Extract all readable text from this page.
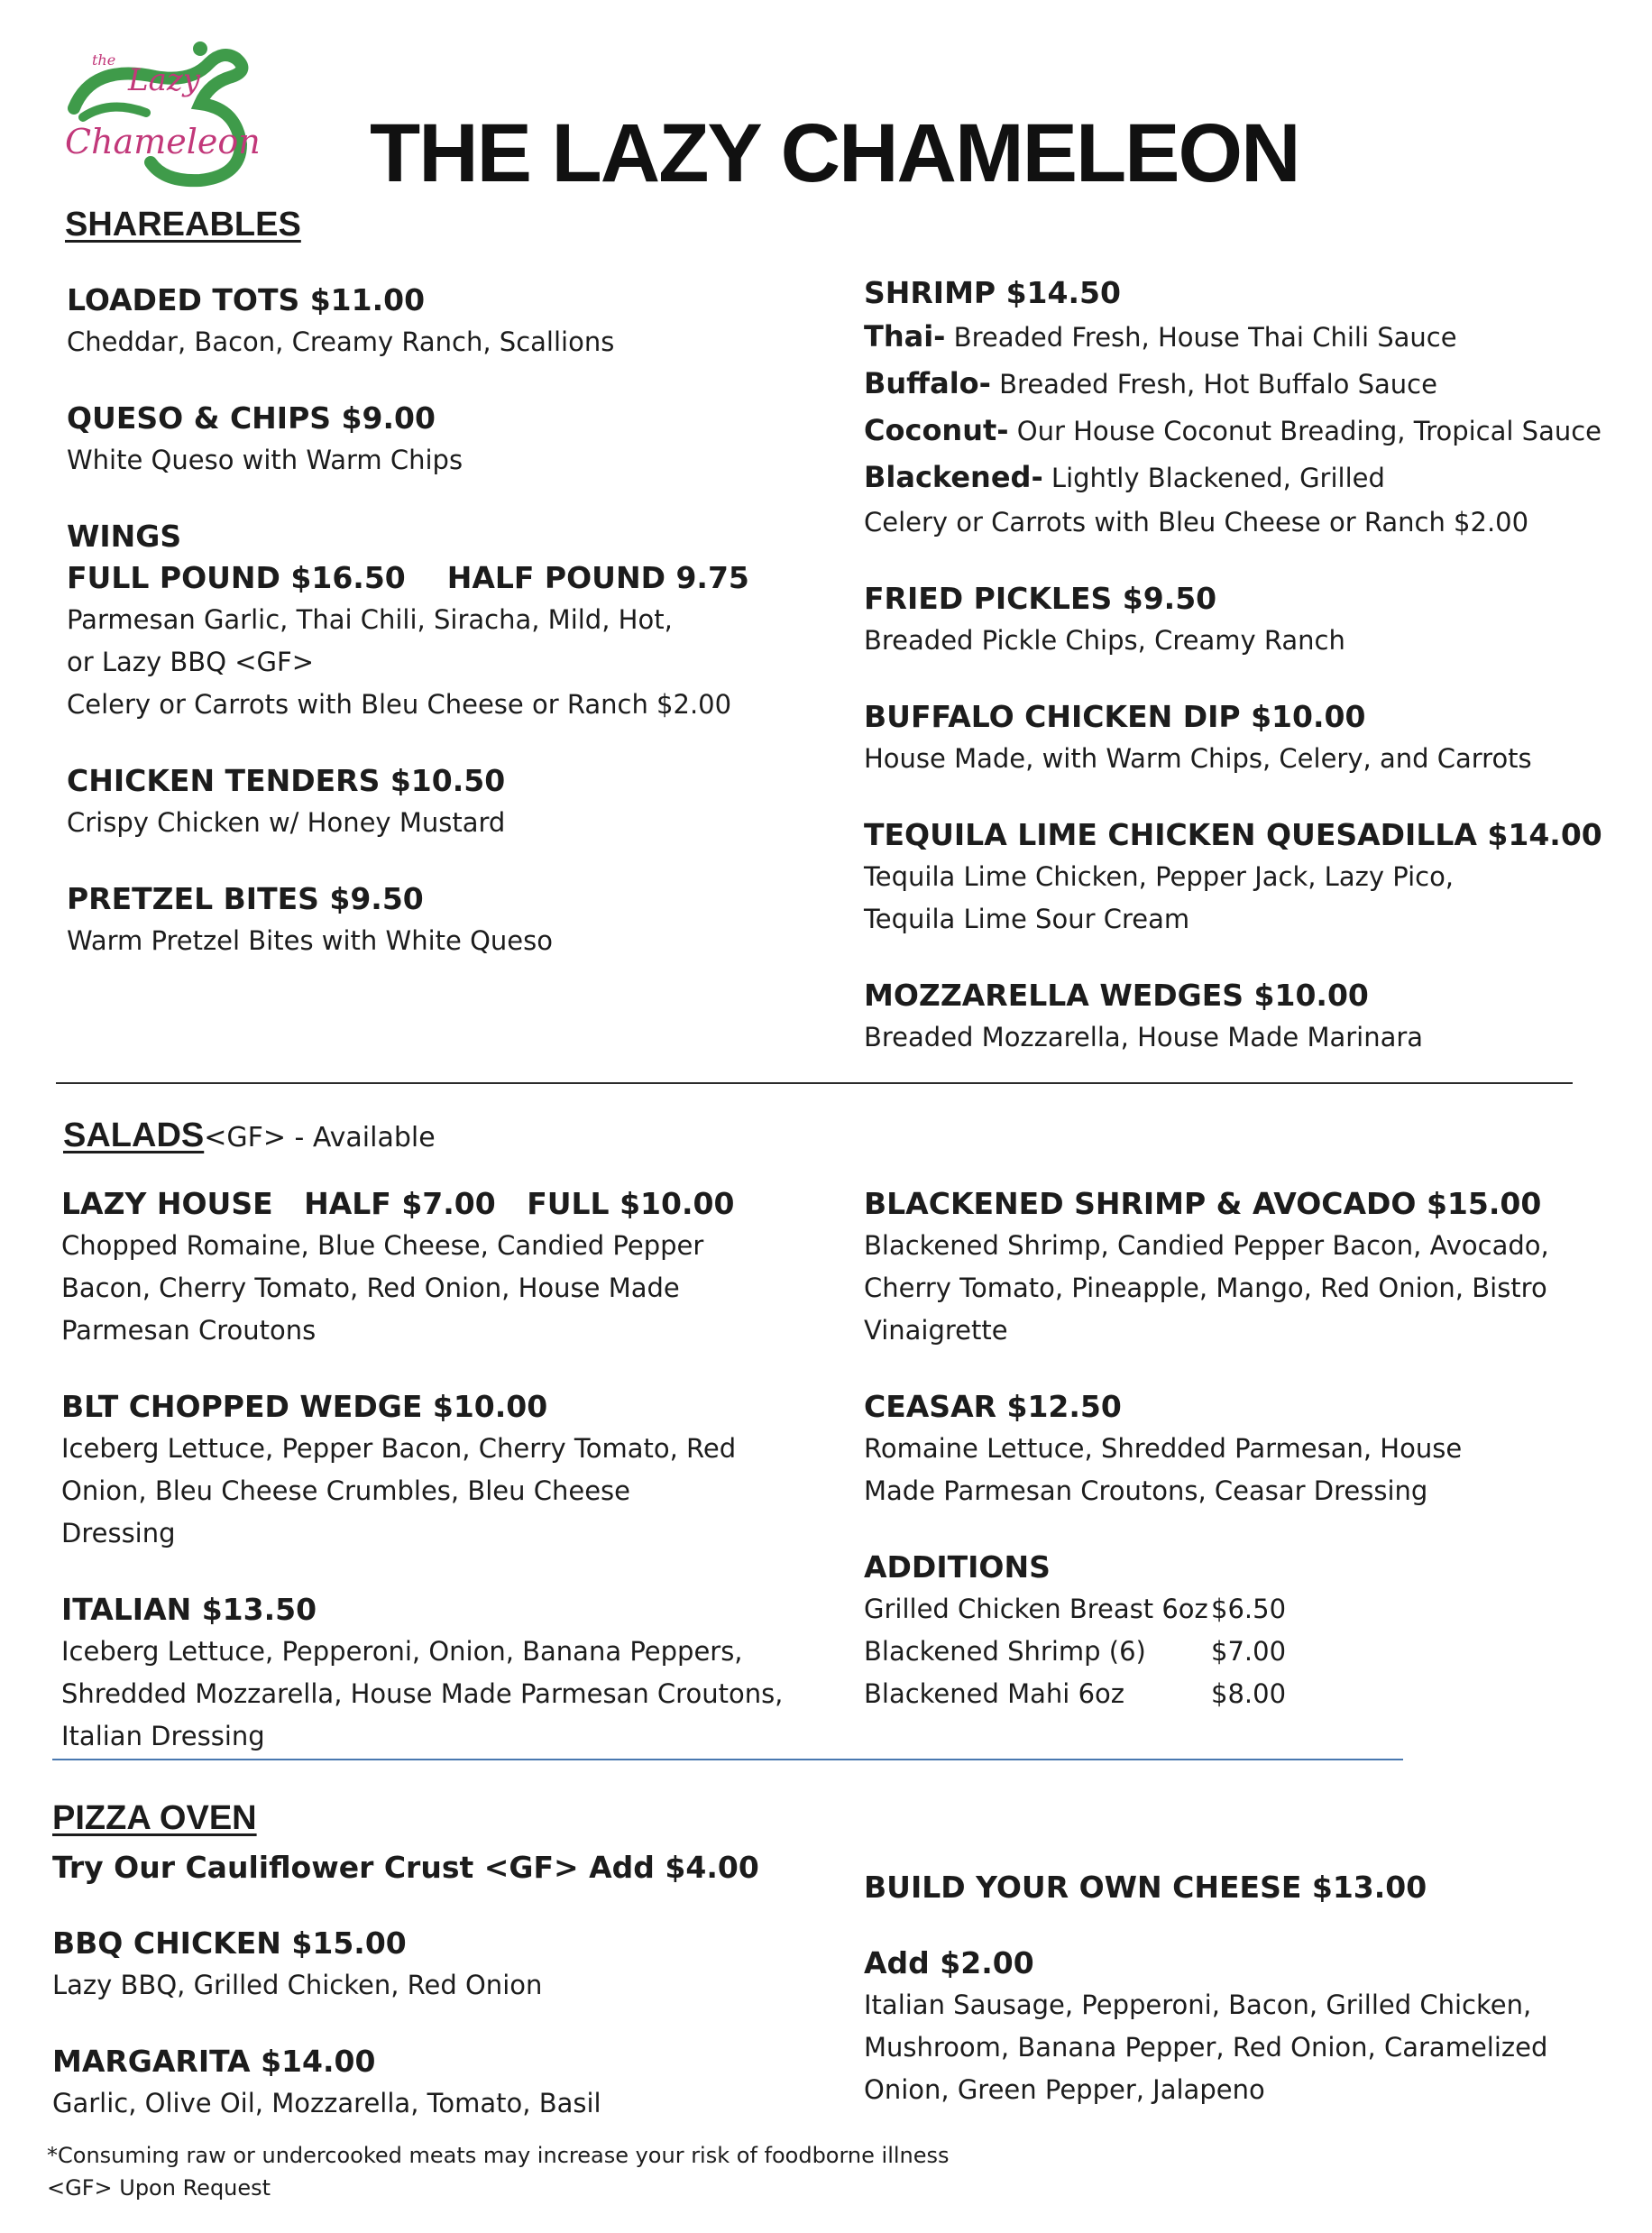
the
Lazy
Chameleon THE LAZY CHAMELEON
SHAREABLES
LOADED TOTS $11.00
Cheddar, Bacon, Creamy Ranch, Scallions
QUESO & CHIPS $9.00
White Queso with Warm Chips
WINGS
FULL POUND $16.50    HALF POUND 9.75
Parmesan Garlic, Thai Chili, Siracha, Mild, Hot, or Lazy BBQ <GF>
Celery or Carrots with Bleu Cheese or Ranch $2.00
CHICKEN TENDERS $10.50
Crispy Chicken w/ Honey Mustard
PRETZEL BITES $9.50
Warm Pretzel Bites with White Queso
SHRIMP $14.50
Thai- Breaded Fresh, House Thai Chili Sauce
Buffalo- Breaded Fresh, Hot Buffalo Sauce
Coconut- Our House Coconut Breading, Tropical Sauce
Blackened- Lightly Blackened, Grilled
Celery or Carrots with Bleu Cheese or Ranch $2.00
FRIED PICKLES $9.50
Breaded Pickle Chips, Creamy Ranch
BUFFALO CHICKEN DIP $10.00
House Made, with Warm Chips, Celery, and Carrots
TEQUILA LIME CHICKEN QUESADILLA $14.00
Tequila Lime Chicken, Pepper Jack, Lazy Pico, Tequila Lime Sour Cream
MOZZARELLA WEDGES $10.00
Breaded Mozzarella, House Made Marinara
SALADS<GF> - Available
LAZY HOUSE   HALF $7.00   FULL $10.00
Chopped Romaine, Blue Cheese, Candied Pepper Bacon, Cherry Tomato, Red Onion, House Made Parmesan Croutons
BLT CHOPPED WEDGE $10.00
Iceberg Lettuce, Pepper Bacon, Cherry Tomato, Red Onion, Bleu Cheese Crumbles, Bleu Cheese Dressing
ITALIAN $13.50
Iceberg Lettuce, Pepperoni, Onion, Banana Peppers, Shredded Mozzarella, House Made Parmesan Croutons, Italian Dressing
BLACKENED SHRIMP & AVOCADO $15.00
Blackened Shrimp, Candied Pepper Bacon, Avocado, Cherry Tomato, Pineapple, Mango, Red Onion, Bistro Vinaigrette
CEASAR $12.50
Romaine Lettuce, Shredded Parmesan, House Made Parmesan Croutons, Ceasar Dressing
ADDITIONS
Grilled Chicken Breast 6oz $6.50
Blackened Shrimp (6)	$7.00
Blackened Mahi 6oz	$8.00
PIZZA OVEN
Try Our Cauliflower Crust <GF> Add $4.00
BBQ CHICKEN $15.00
Lazy BBQ, Grilled Chicken, Red Onion
MARGARITA $14.00
Garlic, Olive Oil, Mozzarella, Tomato, Basil
BUILD YOUR OWN CHEESE $13.00
Add $2.00
Italian Sausage, Pepperoni, Bacon, Grilled Chicken, Mushroom, Banana Pepper, Red Onion, Caramelized Onion, Green Pepper, Jalapeno
*Consuming raw or undercooked meats may increase your risk of foodborne illness
<GF> Upon Request
